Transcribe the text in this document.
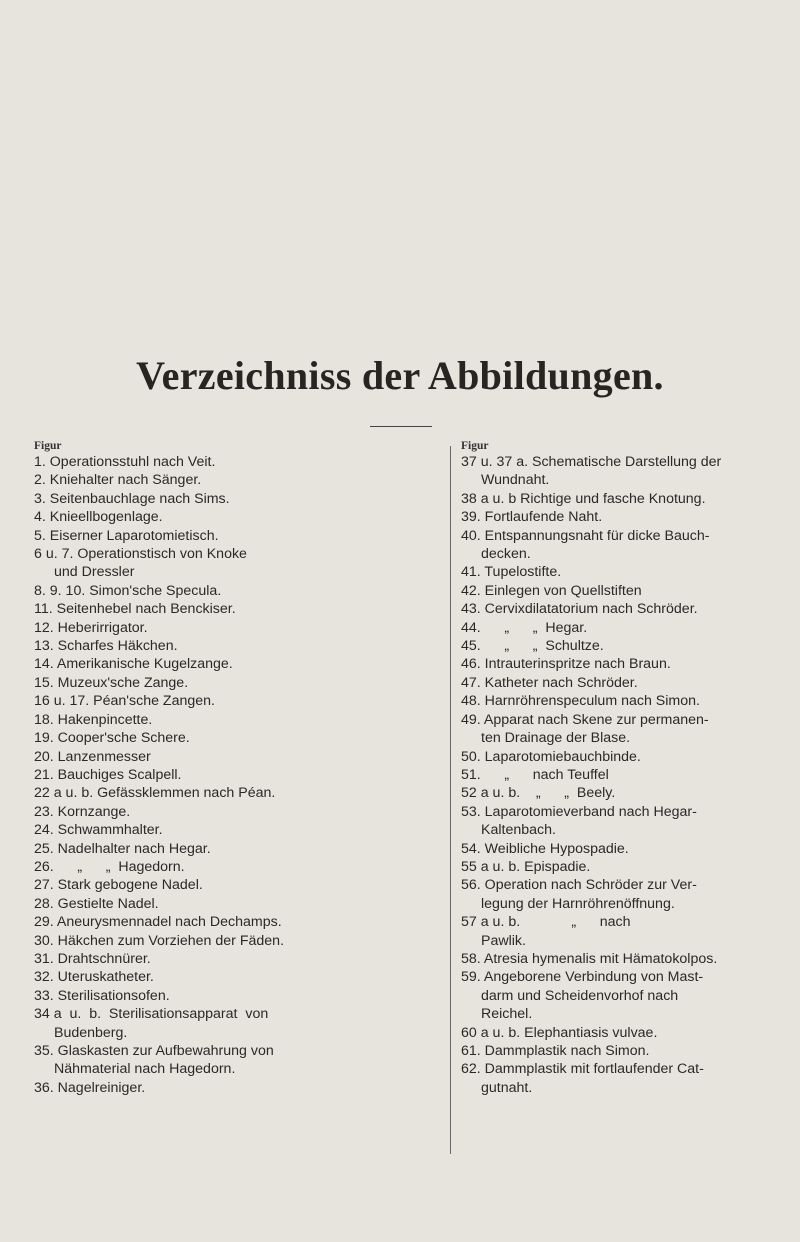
Verzeichniss der Abbildungen.
Figur
1. Operationsstuhl nach Veit.
2. Kniehalter nach Sänger.
3. Seitenbauchlage nach Sims.
4. Knieellbogenlage.
5. Eiserner Laparotomietisch.
6 u. 7. Operationstisch von Knoke
und Dressler
8. 9. 10. Simon'sche Specula.
11. Seitenhebel nach Benckiser.
12. Heberirrigator.
13. Scharfes Häkchen.
14. Amerikanische Kugelzange.
15. Muzeux'sche Zange.
16 u. 17. Péan'sche Zangen.
18. Hakenpincette.
19. Cooper'sche Schere.
20. Lanzenmesser
21. Bauchiges Scalpell.
22 a u. b. Gefässklemmen nach Péan.
23. Kornzange.
24. Schwammhalter.
25. Nadelhalter nach Hegar.
26.      „      „  Hagedorn.
27. Stark gebogene Nadel.
28. Gestielte Nadel.
29. Aneurysmennadel nach Dechamps.
30. Häkchen zum Vorziehen der Fäden.
31. Drahtschnürer.
32. Uteruskatheter.
33. Sterilisationsofen.
34 a  u.  b.  Sterilisationsapparat  von
Budenberg.
35. Glaskasten zur Aufbewahrung von
Nähmaterial nach Hagedorn.
36. Nagelreiniger.
Figur
37 u. 37 a. Schematische Darstellung der
Wundnaht.
38 a u. b Richtige und fasche Knotung.
39. Fortlaufende Naht.
40. Entspannungsnaht für dicke Bauch-
decken.
41. Tupelostifte.
42. Einlegen von Quellstiften
43. Cervixdilatatorium nach Schröder.
44.      „      „  Hegar.
45.      „      „  Schultze.
46. Intrauterinspritze nach Braun.
47. Katheter nach Schröder.
48. Harnröhrenspeculum nach Simon.
49. Apparat nach Skene zur permanen-
ten Drainage der Blase.
50. Laparotomiebauchbinde.
51.      „      nach Teuffel
52 a u. b.    „      „  Beely.
53. Laparotomieverband nach Hegar-
Kaltenbach.
54. Weibliche Hypospadie.
55 a u. b. Epispadie.
56. Operation nach Schröder zur Ver-
legung der Harnröhrenöffnung.
57 a u. b.             „      nach
Pawlik.
58. Atresia hymenalis mit Hämatokolpos.
59. Angeborene Verbindung von Mast-
darm und Scheidenvorhof nach
Reichel.
60 a u. b. Elephantiasis vulvae.
61. Dammplastik nach Simon.
62. Dammplastik mit fortlaufender Cat-
gutnaht.
